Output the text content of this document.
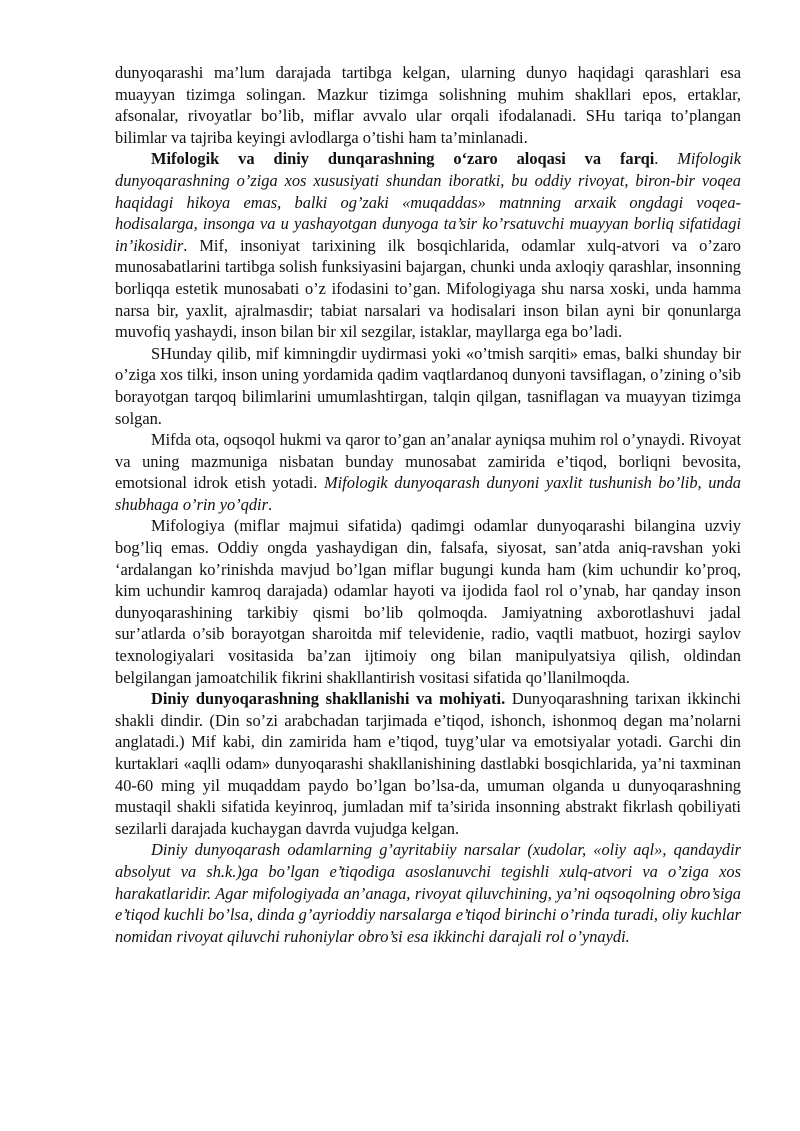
dunyoqarashi ma’lum darajada tartibga kelgan, ularning dunyo haqidagi qarashlari esa muayyan tizimga solingan. Mazkur tizimga solishning muhim shakllari epos, ertaklar, afsonalar, rivoyatlar bo’lib, miflar avvalo ular orqali ifodalanadi. SHu tariqa to’plangan bilimlar va tajriba keyingi avlodlarga o’tishi ham ta’minlanadi.

Mifologik va diniy dunqarashning o‘zaro aloqasi va farqi. Mifologik dunyoqarashning o’ziga xos xususiyati shundan iboratki, bu oddiy rivoyat, biron-bir voqea haqidagi hikoya emas, balki og’zaki «muqaddas» matnning arxaik ongdagi voqea-hodisalarga, insonga va u yashayotgan dunyoga ta’sir ko’rsatuvchi muayyan borliq sifatidagi in’ikosidir. Mif, insoniyat tarixining ilk bosqichlarida, odamlar xulq-atvori va o’zaro munosabatlarini tartibga solish funksiyasini bajargan, chunki unda axloqiy qarashlar, insonning borliqqa estetik munosabati o’z ifodasini to’gan. Mifologiyaga shu narsa xoski, unda hamma narsa bir, yaxlit, ajralmasdir; tabiat narsalari va hodisalari inson bilan ayni bir qonunlarga muvofiq yashaydi, inson bilan bir xil sezgilar, istaklar, mayllarga ega bo’ladi.

SHunday qilib, mif kimningdir uydirmasi yoki «o’tmish sarqiti» emas, balki shunday bir o’ziga xos tilki, inson uning yordamida qadim vaqtlardanoq dunyoni tavsiflagan, o’zining o’sib borayotgan tarqoq bilimlarini umumlashtirgan, talqin qilgan, tasniflagan va muayyan tizimga solgan.

Mifda ota, oqsoqol hukmi va qaror to’gan an’analar ayniqsa muhim rol o’ynaydi. Rivoyat va uning mazmuniga nisbatan bunday munosabat zamirida e’tiqod, borliqni bevosita, emotsional idrok etish yotadi. Mifologik dunyoqarash dunyoni yaxlit tushunish bo’lib, unda shubhaga o’rin yo’qdir.

Mifologiya (miflar majmui sifatida) qadimgi odamlar dunyoqarashi bilangina uzviy bog’liq emas. Oddiy ongda yashaydigan din, falsafa, siyosat, san’atda aniq-ravshan yoki ‘ardalangan ko’rinishda mavjud bo’lgan miflar bugungi kunda ham (kim uchundir ko’proq, kim uchundir kamroq darajada) odamlar hayoti va ijodida faol rol o’ynab, har qanday inson dunyoqarashining tarkibiy qismi bo’lib qolmoqda. Jamiyatning axborotlashuvi jadal sur’atlarda o’sib borayotgan sharoitda mif televidenie, radio, vaqtli matbuot, hozirgi saylov texnologiyalari vositasida ba’zan ijtimoiy ong bilan manipulyatsiya qilish, oldindan belgilangan jamoatchilik fikrini shakllantirish vositasi sifatida qo’llanilmoqda.

Diniy dunyoqarashning shakllanishi va mohiyati. Dunyoqarashning tarixan ikkinchi shakli dindir. (Din so’zi arabchadan tarjimada e’tiqod, ishonch, ishonmoq degan ma’nolarni anglatadi.) Mif kabi, din zamirida ham e’tiqod, tuyg’ular va emotsiyalar yotadi. Garchi din kurtaklari «aqlli odam» dunyoqarashi shakllanishining dastlabki bosqichlarida, ya’ni taxminan 40-60 ming yil muqaddam paydo bo’lgan bo’lsa-da, umuman olganda u dunyoqarashning mustaqil shakli sifatida keyinroq, jumladan mif ta’sirida insonning abstrakt fikrlash qobiliyati sezilarli darajada kuchaygan davrda vujudga kelgan.

Diniy dunyoqarash odamlarning g’ayritabiiy narsalar (xudolar, «oliy aql», qandaydir absolyut va sh.k.)ga bo’lgan e’tiqodiga asoslanuvchi tegishli xulq-atvori va o’ziga xos harakatlaridir. Agar mifologiyada an’anaga, rivoyat qiluvchining, ya’ni oqsoqolning obro’siga e’tiqod kuchli bo’lsa, dinda g’ayrioddiy narsalarga e’tiqod birinchi o’rinda turadi, oliy kuchlar nomidan rivoyat qiluvchi ruhoniylar obro’si esa ikkinchi darajali rol o’ynaydi.
